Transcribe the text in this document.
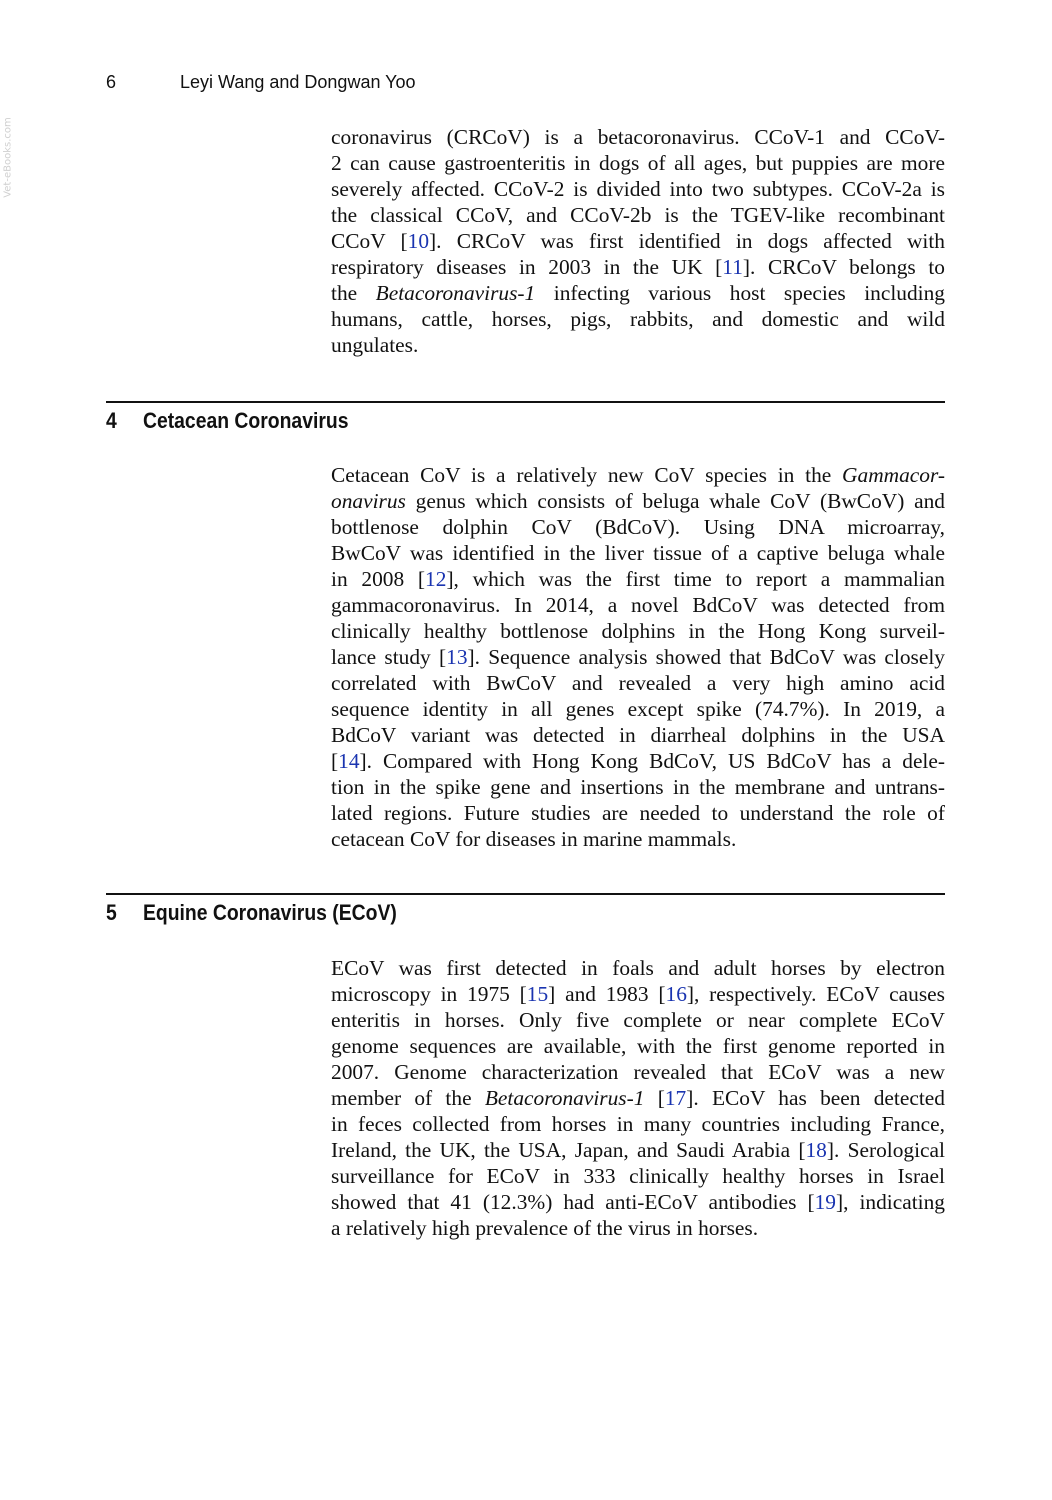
6	Leyi Wang and Dongwan Yoo
Vet-eBooks.com	coronavirus (CRCoV) is a betacoronavirus. CCoV-1 and CCoV-
2 can cause gastroenteritis in dogs of all ages, but puppies are more
severely affected. CCoV-2 is divided into two subtypes. CCoV-2a is
the classical CCoV, and CCoV-2b is the TGEV-like recombinant
CCoV [10]. CRCoV was first identified in dogs affected with
respiratory diseases in 2003 in the UK [11]. CRCoV belongs to
the Betacoronavirus-1 infecting various host species including
humans, cattle, horses, pigs, rabbits, and domestic and wild
ungulates.
4 Cetacean Coronavirus
Cetacean CoV is a relatively new CoV species in the Gammacor-
onavirus genus which consists of beluga whale CoV (BwCoV) and
bottlenose dolphin CoV (BdCoV). Using DNA microarray,
BwCoV was identified in the liver tissue of a captive beluga whale
in 2008 [12], which was the first time to report a mammalian
gammacoronavirus. In 2014, a novel BdCoV was detected from
clinically healthy bottlenose dolphins in the Hong Kong surveil-
lance study [13]. Sequence analysis showed that BdCoV was closely
correlated with BwCoV and revealed a very high amino acid
sequence identity in all genes except spike (74.7%). In 2019, a
BdCoV variant was detected in diarrheal dolphins in the USA
[14]. Compared with Hong Kong BdCoV, US BdCoV has a dele-
tion in the spike gene and insertions in the membrane and untrans-
lated regions. Future studies are needed to understand the role of
cetacean CoV for diseases in marine mammals.
5 Equine Coronavirus (ECoV)
ECoV was first detected in foals and adult horses by electron
microscopy in 1975 [15] and 1983 [16], respectively. ECoV causes
enteritis in horses. Only five complete or near complete ECoV
genome sequences are available, with the first genome reported in
2007. Genome characterization revealed that ECoV was a new
member of the Betacoronavirus-1 [17]. ECoV has been detected
in feces collected from horses in many countries including France,
Ireland, the UK, the USA, Japan, and Saudi Arabia [18]. Serological
surveillance for ECoV in 333 clinically healthy horses in Israel
showed that 41 (12.3%) had anti-ECoV antibodies [19], indicating
a relatively high prevalence of the virus in horses.
